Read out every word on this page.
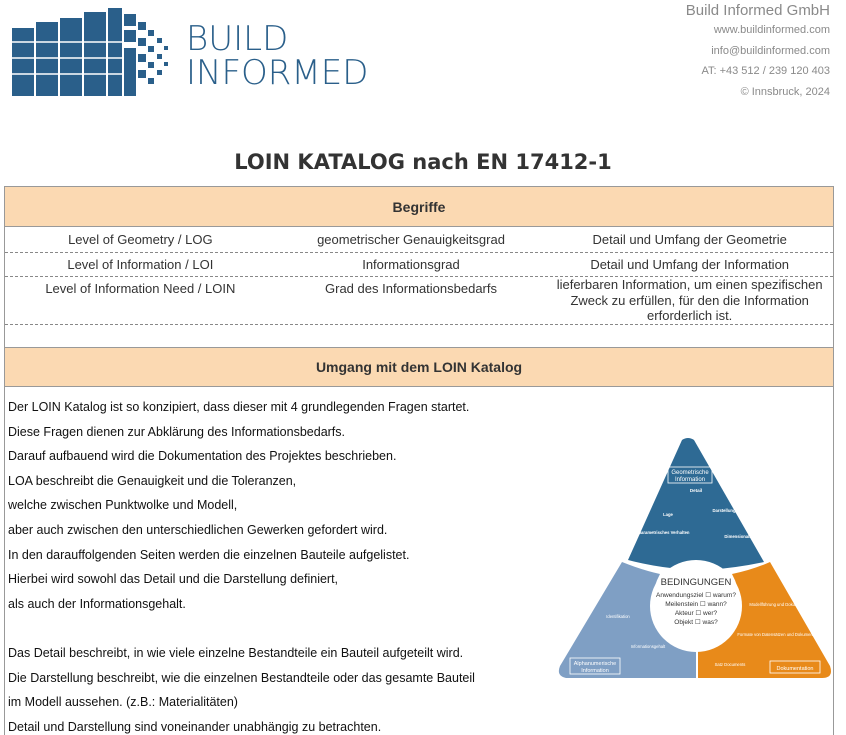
BUILD
INFORMED
Build Informed GmbH
www.buildinformed.com
info@buildinformed.com
AT: +43 512 / 239 120 403
© Innsbruck, 2024
LOIN KATALOG nach EN 17412-1
Begriffe
Level of Geometry / LOG	geometrischer Genauigkeitsgrad	Detail und Umfang der Geometrie
Level of Information / LOI	Informationsgrad	Detail und Umfang der Information
Level of Information Need / LOIN	Grad des Informationsbedarfs	lieferbaren Information, um einen spezifischen Zweck zu erfüllen, für den die Information erforderlich ist.
Umgang mit dem LOIN Katalog
Der LOIN Katalog ist so konzipiert, dass dieser mit 4 grundlegenden Fragen startet.
Diese Fragen dienen zur Abklärung des Informationsbedarfs.
Darauf aufbauend wird die Dokumentation des Projektes beschrieben.
LOA beschreibt die Genauigkeit und die Toleranzen,
welche zwischen Punktwolke und Modell,
aber auch zwischen den unterschiedlichen Gewerken gefordert wird.
In den darauffolgenden Seiten werden die einzelnen Bauteile aufgelistet.
Hierbei wird sowohl das Detail und die Darstellung definiert,
als auch der Informationsgehalt.
Das Detail beschreibt, in wie viele einzelne Bestandteile ein Bauteil aufgeteilt wird.
Die Darstellung beschreibt, wie die einzelnen Bestandteile oder das gesamte Bauteil
im Modell aussehen. (z.B.: Materialitäten)
Detail und Darstellung sind voneinander unabhängig zu betrachten.
Geometrische
Information
Detail
Darstellung
Lage
Dimensionalität
parametrisches Verhalten
BEDINGUNGEN
Anwendungsziel ☐ warum?
Meilenstein ☐ wann?
Akteur ☐ wer?
Objekt ☐ was?
Identifikation
Informationsgehalt
Alphanumerische
Information
Modellführung und Dokumente
Formate von Datensätzen und Dokumenten
Satz Documents
Dokumentation
